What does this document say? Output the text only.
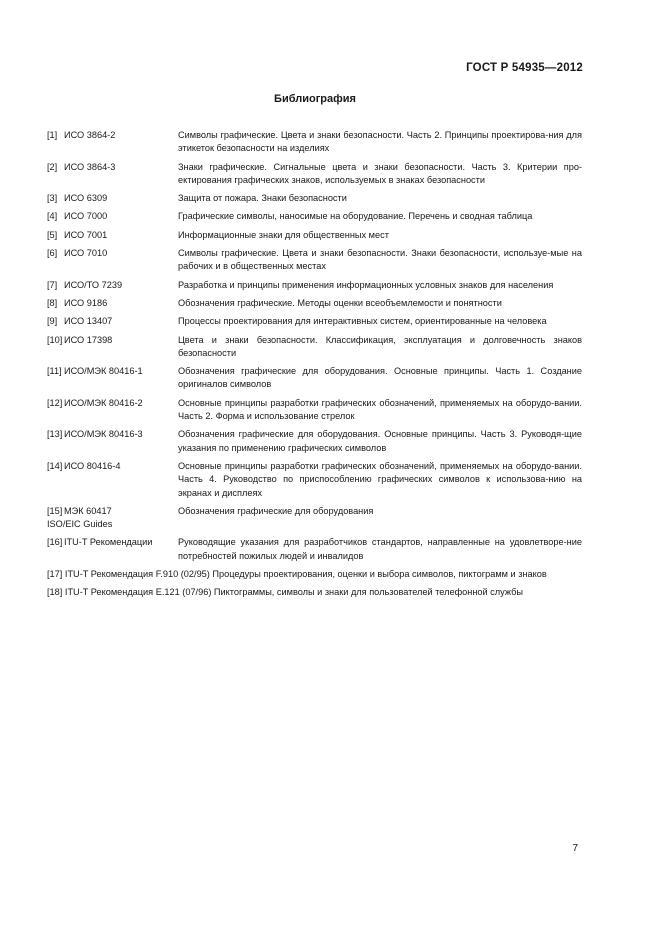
ГОСТ Р 54935—2012
Библиография
[1] ИСО 3864-2	Символы графические. Цвета и знаки безопасности. Часть 2. Принципы проектирова-ния для этикеток безопасности на изделиях
[2] ИСО 3864-3	Знаки графические. Сигнальные цвета и знаки безопасности. Часть 3. Критерии про-ектирования графических знаков, используемых в знаках безопасности
[3] ИСО 6309	Защита от пожара. Знаки безопасности
[4] ИСО 7000	Графические символы, наносимые на оборудование. Перечень и сводная таблица
[5] ИСО 7001	Информационные знаки для общественных мест
[6] ИСО 7010	Символы графические. Цвета и знаки безопасности. Знаки безопасности, используе-мые на рабочих и в общественных местах
[7] ИСО/ТО 7239	Разработка и принципы применения информационных условных знаков для населения
[8] ИСО 9186	Обозначения графические. Методы оценки всеобъемлемости и понятности
[9] ИСО 13407	Процессы проектирования для интерактивных систем, ориентированные на человека
[10] ИСО 17398	Цвета и знаки безопасности. Классификация, эксплуатация и долговечность знаков безопасности
[11] ИСО/МЭК 80416-1	Обозначения графические для оборудования. Основные принципы. Часть 1. Создание оригиналов символов
[12] ИСО/МЭК 80416-2	Основные принципы разработки графических обозначений, применяемых на оборудо-вании. Часть 2. Форма и использование стрелок
[13] ИСО/МЭК 80416-3	Обозначения графические для оборудования. Основные принципы. Часть 3. Руководя-щие указания по применению графических символов
[14] ИСО 80416-4	Основные принципы разработки графических обозначений, применяемых на оборудо-вании. Часть 4. Руководство по приспособлению графических символов к использова-нию на экранах и дисплеях
[15] МЭК 60417	Обозначения графические для оборудования
ISO/EIC Guides
[16] ITU-T Рекомендации	Руководящие указания для разработчиков стандартов, направленные на удовлетворе-ние потребностей пожилых людей и инвалидов
[17] ITU-T Рекомендация F.910 (02/95) Процедуры проектирования, оценки и выбора символов, пиктограмм и знаков
[18] ITU-T Рекомендация E.121 (07/96) Пиктограммы, символы и знаки для пользователей телефонной службы
7
